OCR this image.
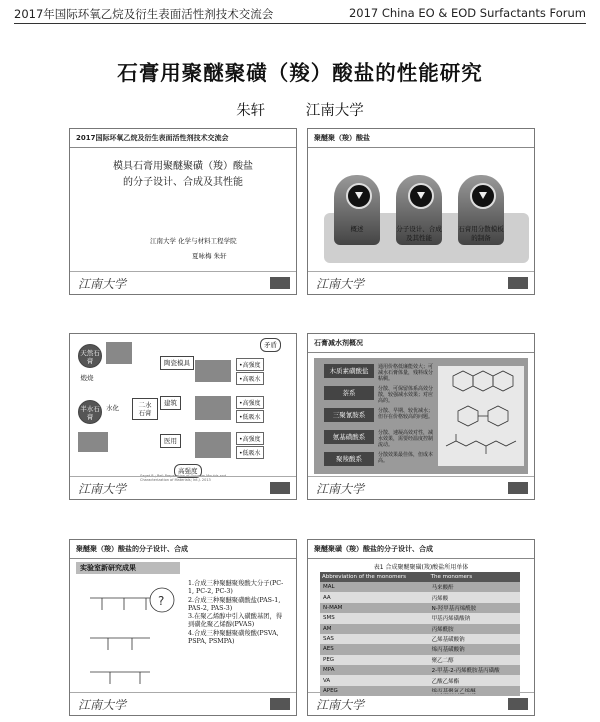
2017年国际环氧乙烷及衍生表面活性剂技术交流会	2017 China EO & EOD Surfactants Forum
石膏用聚醚聚磺（羧）酸盐的性能研究
朱轩	江南大学
2017国际环氧乙烷及衍生表面活性剂技术交流会
模具石膏用聚醚聚磺（羧）酸盐
的分子设计、合成及其性能
江南大学 化学与材料工程学院
夏咏梅 朱轩
江南大学
聚醚聚（羧）酸盐
概述	分子设计、合成及其性能
石膏用分散模板的制备
江南大学
天然石膏
煅烧
半水石膏
水化	二水石膏
陶瓷模具
建筑
医用
矛盾
•高强度
•高吸水
•高强度
•低吸水
•高强度
•低吸水
高强度
Saget R.; Ref: Preparation of Gypsum Moulds and Characterization of Materials; Int.J. 2013
江南大学
石膏减水剂概况
木质素磺酸盐	通用价格低廉能效大；可减水石膏体量，残料成分粘稠。
萘系	分散、可保留体系高效分散，较强减水效果；对应高的。
三聚氰胺系	分散、早期、较优减水；但存在价格较高的问题。
氨基磺酸系	分散、速凝高效对性，减水效果，需要经温度控制流动。
聚羧酸系	分散效果最佳体，但成本高。
江南大学
聚醚聚（羧）酸盐的分子设计、合成
实验室新研究成果
?
1.合成三种聚醚聚羧酸大分子(PC-1, PC-2, PC-3)
2.合成三种聚醚聚磺酸盐(PAS-1, PAS-2, PAS-3)
3.在聚乙烯醇中引入磺酸基团，得到磺化聚乙烯醇(PVAS)
4.合成三种聚醚聚磺羧酸(PSVA, PSPA, PSMPA)
江南大学
聚醚聚磺（羧）酸盐的分子设计、合成
表1 合成聚醚聚磺(羧)酸盐所用单体
Abbreviation of the monomers	The monomers
MAL	马来酸酐
AA	丙烯酸
N-MAM	N-羟甲基丙烯酰胺
SMS	甲基丙烯磺酸钠
AM	丙烯酰胺
SAS	乙烯基磺酸钠
AES	烯丙基磺酸钠
PEG	聚乙二醇
MPA	2-甲基-2-丙烯酰胺基丙磺酸
VA	乙酸乙烯酯
APEG	烯丙基聚氧乙烯醚
江南大学
